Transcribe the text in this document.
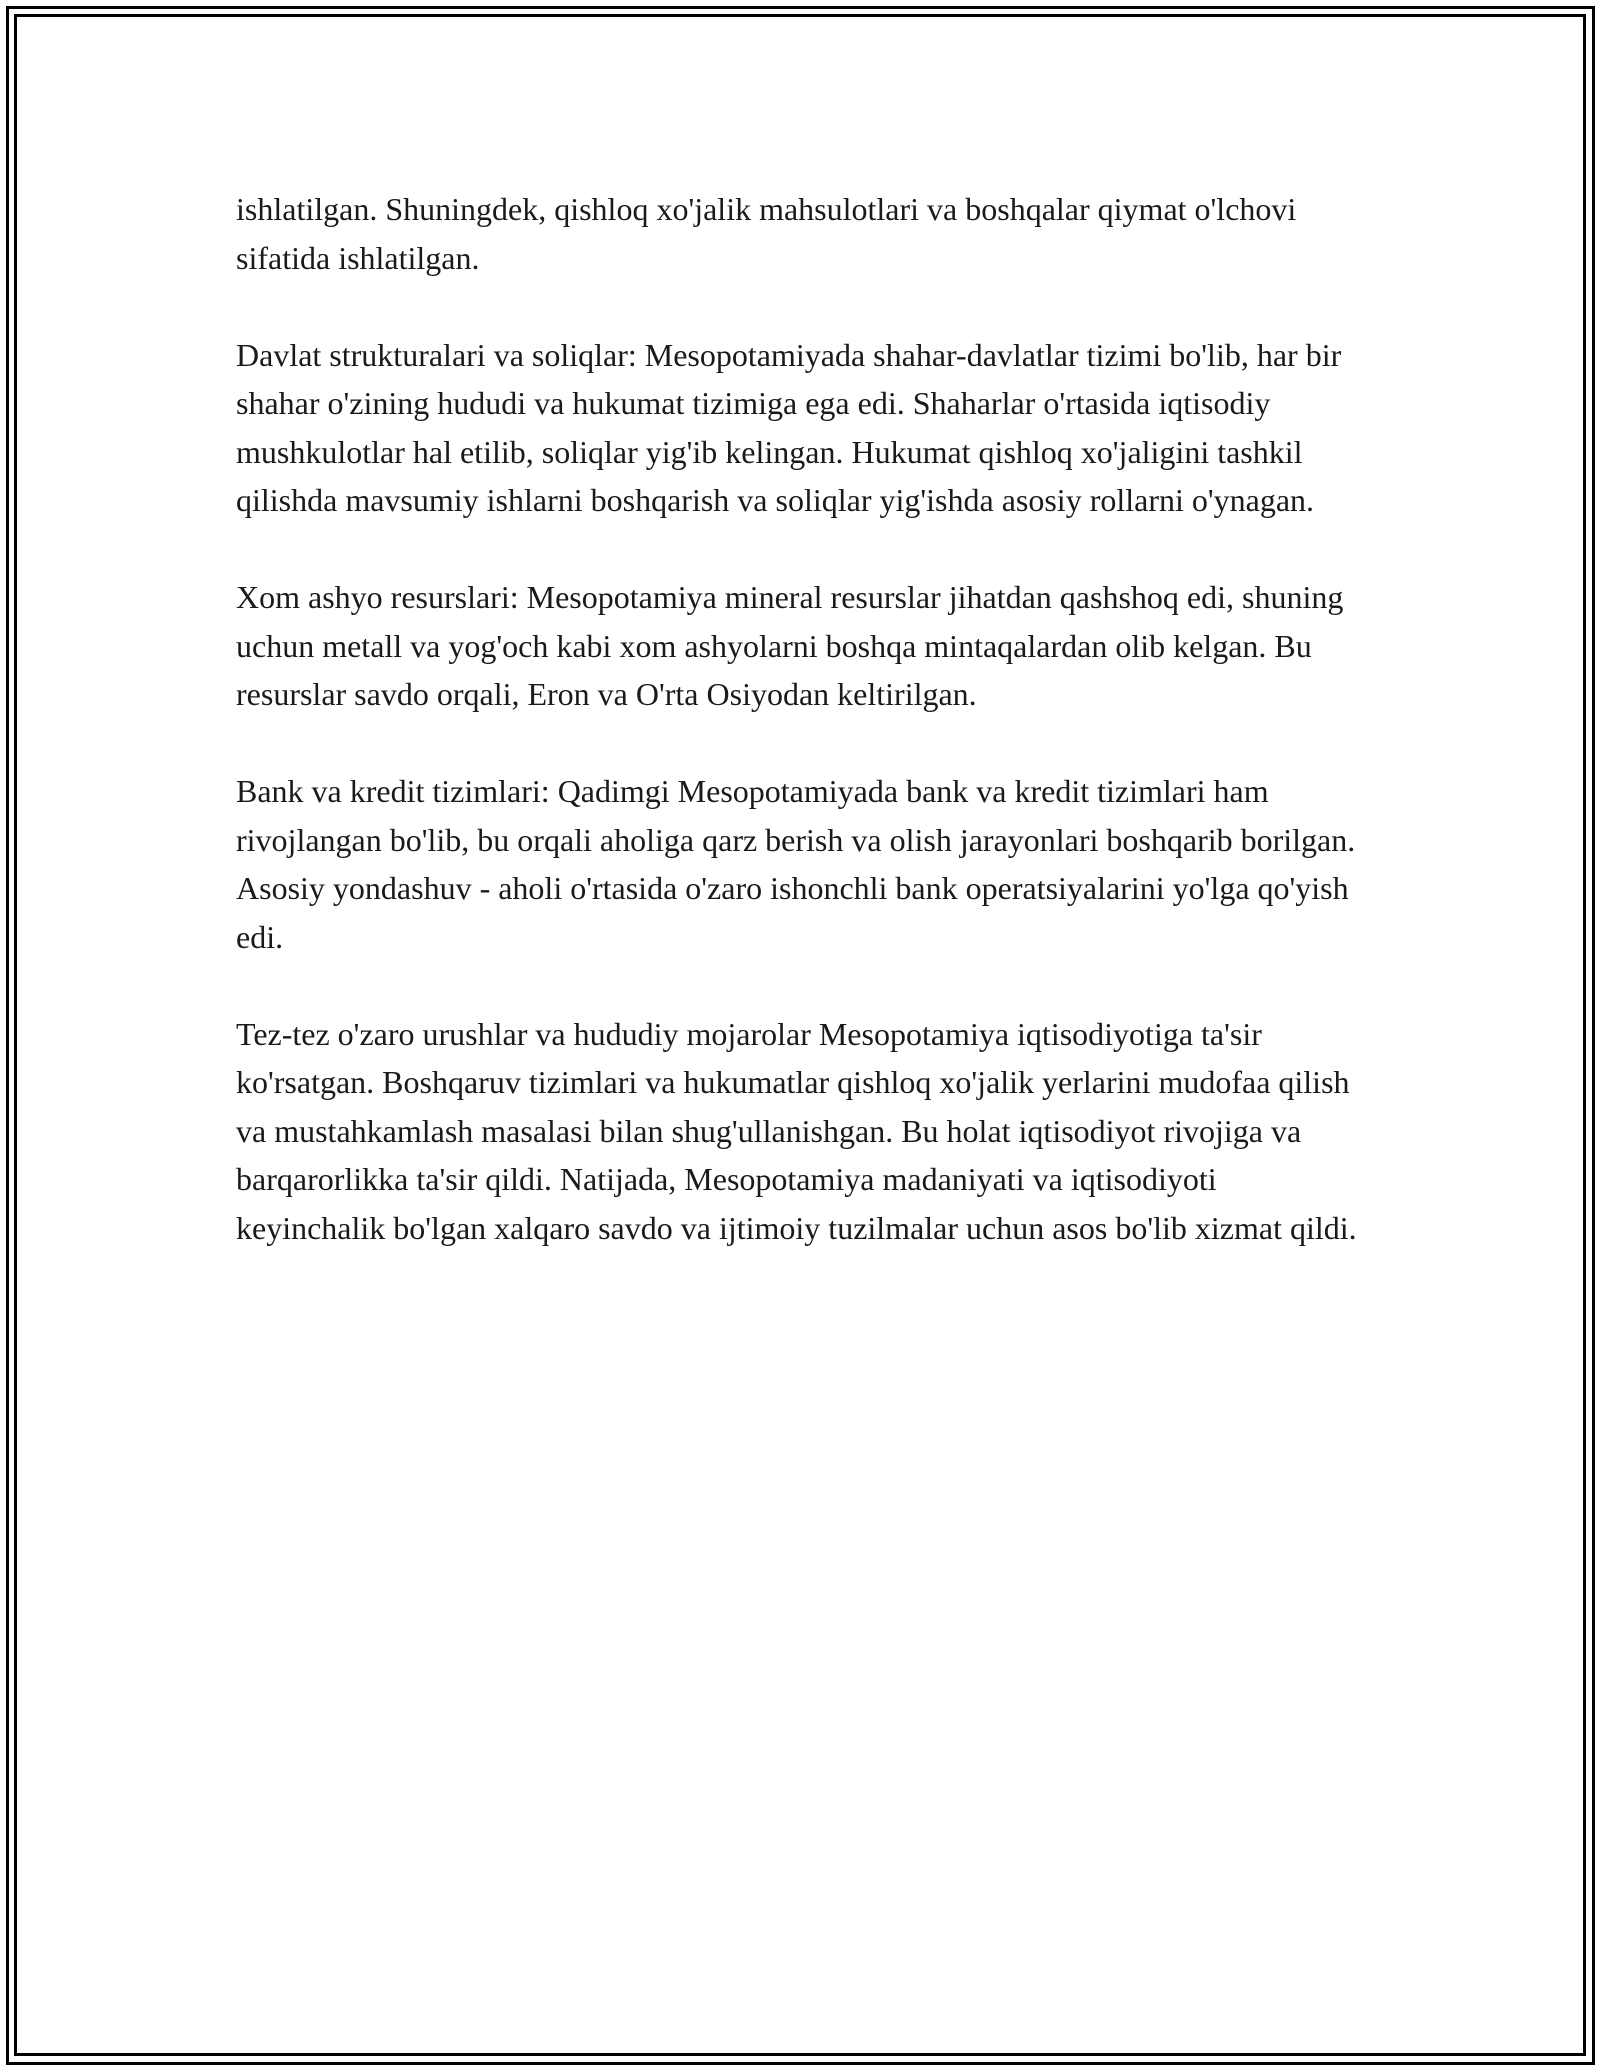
ishlatilgan. Shuningdek, qishloq xo'jalik mahsulotlari va boshqalar qiymat o'lchovi sifatida ishlatilgan.

Davlat strukturalari va soliqlar: Mesopotamiyada shahar-davlatlar tizimi bo'lib, har bir shahar o'zining hududi va hukumat tizimiga ega edi. Shaharlar o'rtasida iqtisodiy mushkulotlar hal etilib, soliqlar yig'ib kelingan. Hukumat qishloq xo'jaligini tashkil qilishda mavsumiy ishlarni boshqarish va soliqlar yig'ishda asosiy rollarni o'ynagan.

Xom ashyo resurslari: Mesopotamiya mineral resurslar jihatdan qashshoq edi, shuning uchun metall va yog'och kabi xom ashyolarni boshqa mintaqalardan olib kelgan. Bu resurslar savdo orqali, Eron va O'rta Osiyodan keltirilgan.

Bank va kredit tizimlari: Qadimgi Mesopotamiyada bank va kredit tizimlari ham rivojlangan bo'lib, bu orqali aholiga qarz berish va olish jarayonlari boshqarib borilgan. Asosiy yondashuv - aholi o'rtasida o'zaro ishonchli bank operatsiyalarini yo'lga qo'yish edi.

Tez-tez o'zaro urushlar va hududiy mojarolar Mesopotamiya iqtisodiyotiga ta'sir ko'rsatgan. Boshqaruv tizimlari va hukumatlar qishloq xo'jalik yerlarini mudofaa qilish va mustahkamlash masalasi bilan shug'ullanishgan. Bu holat iqtisodiyot rivojiga va barqarorlikka ta'sir qildi. Natijada, Mesopotamiya madaniyati va iqtisodiyoti keyinchalik bo'lgan xalqaro savdo va ijtimoiy tuzilmalar uchun asos bo'lib xizmat qildi.
